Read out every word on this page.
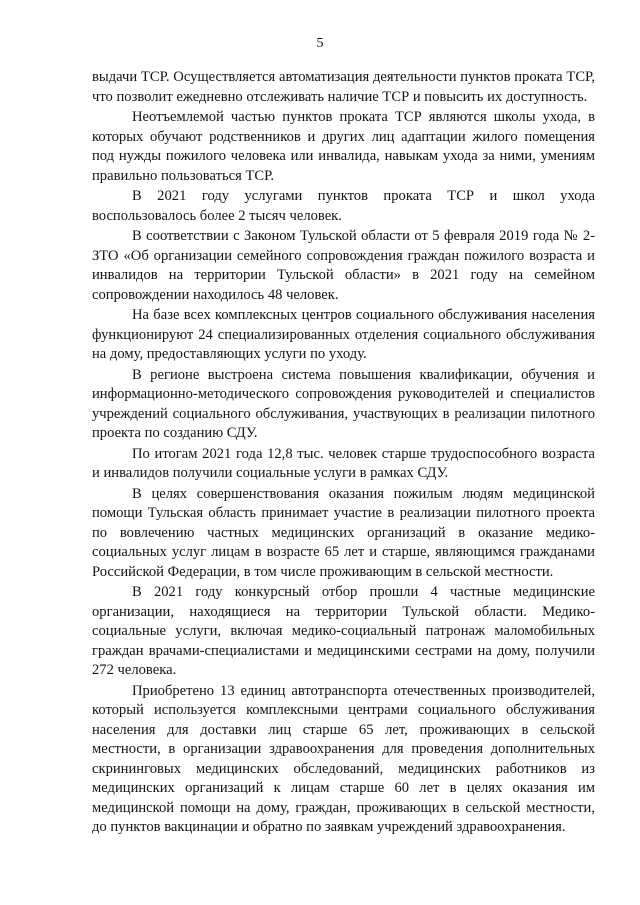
5

выдачи ТСР. Осуществляется автоматизация деятельности пунктов проката ТСР, что позволит ежедневно отслеживать наличие ТСР и повысить их доступность.

Неотъемлемой частью пунктов проката ТСР являются школы ухода, в которых обучают родственников и других лиц адаптации жилого помещения под нужды пожилого человека или инвалида, навыкам ухода за ними, умениям правильно пользоваться ТСР.

В 2021 году услугами пунктов проката ТСР и школ ухода воспользовалось более 2 тысяч человек.

В соответствии с Законом Тульской области от 5 февраля 2019 года № 2-ЗТО «Об организации семейного сопровождения граждан пожилого возраста и инвалидов на территории Тульской области» в 2021 году на семейном сопровождении находилось 48 человек.

На базе всех комплексных центров социального обслуживания населения функционируют 24 специализированных отделения социального обслуживания на дому, предоставляющих услуги по уходу.

В регионе выстроена система повышения квалификации, обучения и информационно-методического сопровождения руководителей и специалистов учреждений социального обслуживания, участвующих в реализации пилотного проекта по созданию СДУ.

По итогам 2021 года 12,8 тыс. человек старше трудоспособного возраста и инвалидов получили социальные услуги в рамках СДУ.

В целях совершенствования оказания пожилым людям медицинской помощи Тульская область принимает участие в реализации пилотного проекта по вовлечению частных медицинских организаций в оказание медико-социальных услуг лицам в возрасте 65 лет и старше, являющимся гражданами Российской Федерации, в том числе проживающим в сельской местности.

В 2021 году конкурсный отбор прошли 4 частные медицинские организации, находящиеся на территории Тульской области. Медико-социальные услуги, включая медико-социальный патронаж маломобильных граждан врачами-специалистами и медицинскими сестрами на дому, получили 272 человека.

Приобретено 13 единиц автотранспорта отечественных производителей, который используется комплексными центрами социального обслуживания населения для доставки лиц старше 65 лет, проживающих в сельской местности, в организации здравоохранения для проведения дополнительных скрининговых медицинских обследований, медицинских работников из медицинских организаций к лицам старше 60 лет в целях оказания им медицинской помощи на дому, граждан, проживающих в сельской местности, до пунктов вакцинации и обратно по заявкам учреждений здравоохранения.
